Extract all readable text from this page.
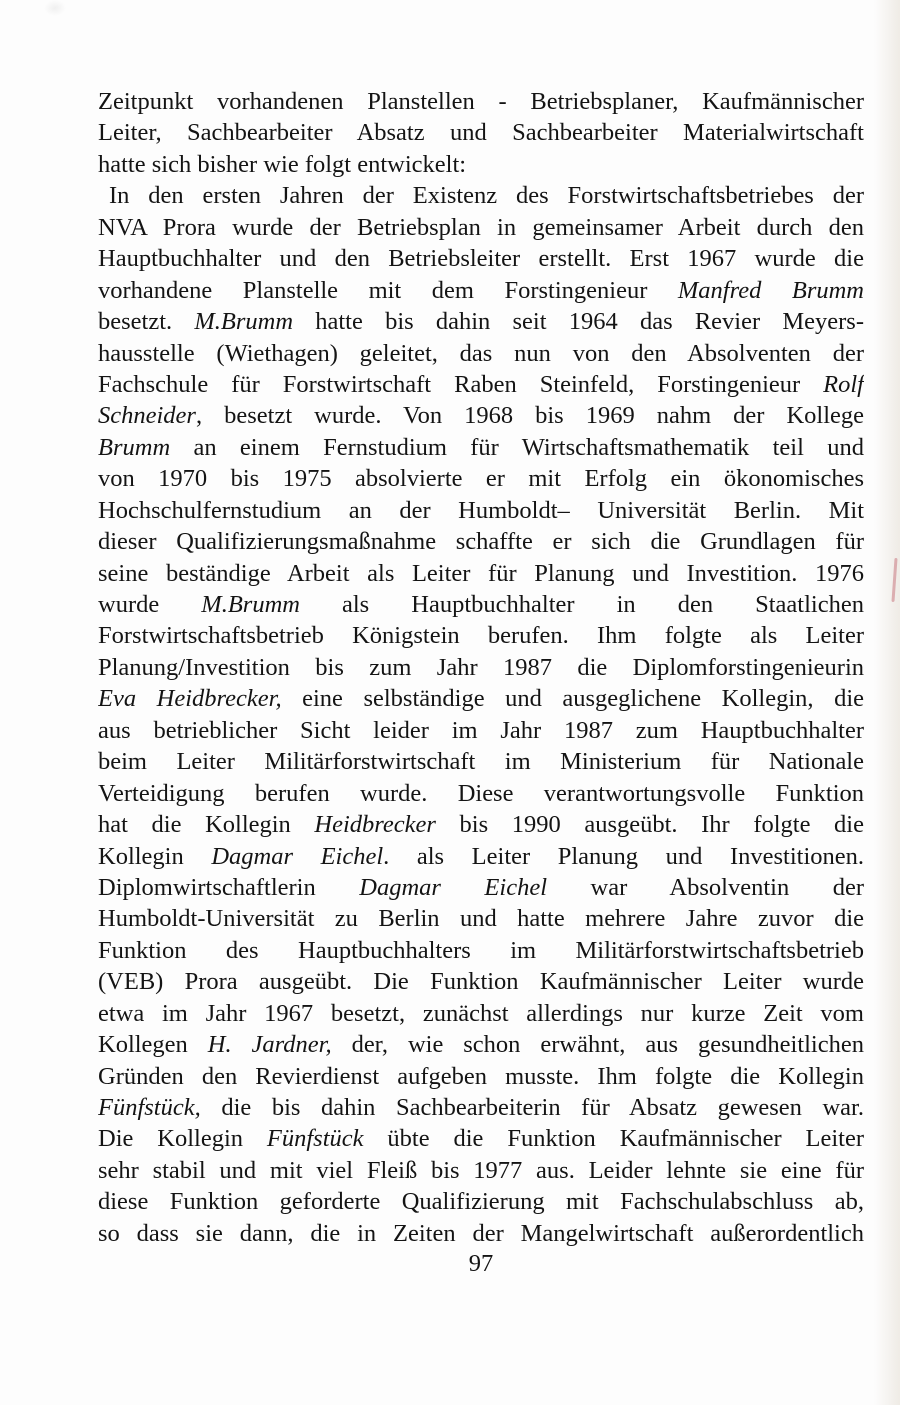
Zeitpunkt vorhandenen Planstellen - Betriebsplaner, Kaufmännischer
Leiter, Sachbearbeiter Absatz und Sachbearbeiter Materialwirtschaft
hatte sich bisher wie folgt entwickelt:
In den ersten Jahren der Existenz des Forstwirtschaftsbetriebes der
NVA Prora wurde der Betriebsplan in gemeinsamer Arbeit durch den
Hauptbuchhalter und den Betriebsleiter erstellt. Erst 1967 wurde die
vorhandene Planstelle mit dem Forstingenieur Manfred Brumm
besetzt. M.Brumm hatte bis dahin seit 1964 das Revier Meyers-
hausstelle (Wiethagen) geleitet, das nun von den Absolventen der
Fachschule für Forstwirtschaft Raben Steinfeld, Forstingenieur Rolf
Schneider, besetzt wurde. Von 1968 bis 1969 nahm der Kollege
Brumm an einem Fernstudium für Wirtschaftsmathematik teil und
von 1970 bis 1975 absolvierte er mit Erfolg ein ökonomisches
Hochschulfernstudium an der Humboldt– Universität Berlin. Mit
dieser Qualifizierungsmaßnahme schaffte er sich die Grundlagen für
seine beständige Arbeit als Leiter für Planung und Investition. 1976
wurde M.Brumm als Hauptbuchhalter in den Staatlichen
Forstwirtschaftsbetrieb Königstein berufen. Ihm folgte als Leiter
Planung/Investition bis zum Jahr 1987 die Diplomforstingenieurin
Eva Heidbrecker, eine selbständige und ausgeglichene Kollegin, die
aus betrieblicher Sicht leider im Jahr 1987 zum Hauptbuchhalter
beim Leiter Militärforstwirtschaft im Ministerium für Nationale
Verteidigung berufen wurde. Diese verantwortungsvolle Funktion
hat die Kollegin Heidbrecker bis 1990 ausgeübt. Ihr folgte die
Kollegin Dagmar Eichel. als Leiter Planung und Investitionen.
Diplomwirtschaftlerin Dagmar Eichel war Absolventin der
Humboldt-Universität zu Berlin und hatte mehrere Jahre zuvor die
Funktion des Hauptbuchhalters im Militärforstwirtschaftsbetrieb
(VEB) Prora ausgeübt. Die Funktion Kaufmännischer Leiter wurde
etwa im Jahr 1967 besetzt, zunächst allerdings nur kurze Zeit vom
Kollegen H. Jardner, der, wie schon erwähnt, aus gesundheitlichen
Gründen den Revierdienst aufgeben musste. Ihm folgte die Kollegin
Fünfstück, die bis dahin Sachbearbeiterin für Absatz gewesen war.
Die Kollegin Fünfstück übte die Funktion Kaufmännischer Leiter
sehr stabil und mit viel Fleiß bis 1977 aus. Leider lehnte sie eine für
diese Funktion geforderte Qualifizierung mit Fachschulabschluss ab,
so dass sie dann, die in Zeiten der Mangelwirtschaft außerordentlich
97
